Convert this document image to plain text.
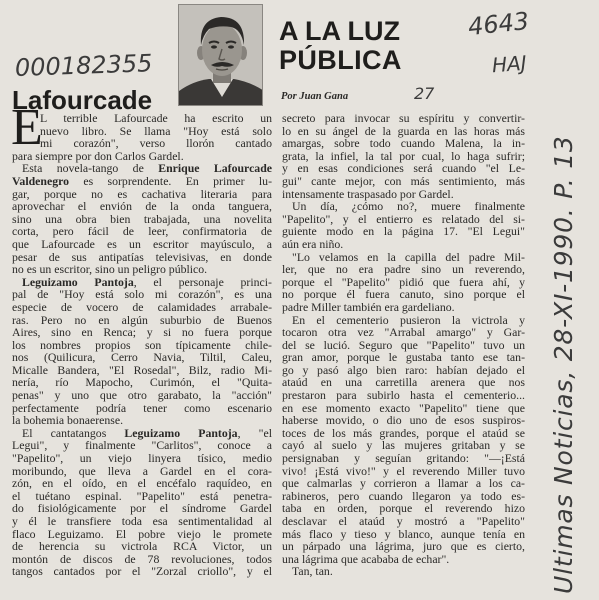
000182355
4643
HAJ
27
Ultimas Noticias, 28-XI-1990. P. 13
A LA LUZ
PÚBLICA
Lafourcade	Por Juan Gana
E
L terrible Lafourcade ha escrito un
nuevo libro. Se llama "Hoy está solo
mi corazón", verso llorón cantado
para siempre por don Carlos Gardel.
Esta novela-tango de Enrique Lafourcade
Valdenegro es sorprendente. En primer lu-
gar, porque no es cachativa literaria para
aprovechar el envión de la onda tanguera,
sino una obra bien trabajada, una novelita
corta, pero fácil de leer, confirmatoria de
que Lafourcade es un escritor mayúsculo, a
pesar de sus antipatías televisivas, en donde
no es un escritor, sino un peligro público.
Leguizamo Pantoja, el personaje princi-
pal de "Hoy está solo mi corazón", es una
especie de vocero de calamidades arrabale-
ras. Pero no en algún suburbio de Buenos
Aires, sino en Renca; y si no fuera porque
los nombres propios son típicamente chile-
nos (Quilicura, Cerro Navia, Tiltil, Caleu,
Micalle Bandera, "El Rosedal", Bilz, radio Mi-
nería, río Mapocho, Curimón, el "Quita-
penas" y uno que otro garabato, la "acción"
perfectamente podría tener como escenario
la bohemia bonaerense.
El cantatangos Leguizamo Pantoja, "el
Legui", y finalmente "Carlitos", conoce a
"Papelito", un viejo linyera tísico, medio
moribundo, que lleva a Gardel en el cora-
zón, en el oído, en el encéfalo raquídeo, en
el tuétano espinal. "Papelito" está penetra-
do fisiológicamente por el síndrome Gardel
y él le transfiere toda esa sentimentalidad al
flaco Leguizamo. El pobre viejo le promete
de herencia su victrola RCA Victor, un
montón de discos de 78 revoluciones, todos
tangos cantados por el "Zorzal criollo", y el
secreto para invocar su espíritu y convertir-
lo en su ángel de la guarda en las horas más
amargas, sobre todo cuando Malena, la in-
grata, la infiel, la tal por cual, lo haga sufrir;
y en esas condiciones será cuando "el Le-
gui" cante mejor, con más sentimiento, más
intensamente traspasado por Gardel.
Un día, ¿cómo no?, muere finalmente
"Papelito", y el entierro es relatado del si-
guiente modo en la página 17. "El Legui"
aún era niño.
"Lo velamos en la capilla del padre Mil-
ler, que no era padre sino un reverendo,
porque el "Papelito" pidió que fuera ahí, y
no porque él fuera canuto, sino porque el
padre Miller también era gardeliano.
En el cementerio pusieron la victrola y
tocaron otra vez "Arrabal amargo" y Gar-
del se lució. Seguro que "Papelito" tuvo un
gran amor, porque le gustaba tanto ese tan-
go y pasó algo bien raro: habían dejado el
ataúd en una carretilla arenera que nos
prestaron para subirlo hasta el cementerio...
en ese momento exacto "Papelito" tiene que
haberse movido, o dio uno de esos suspiros-
toces de los más grandes, porque el ataúd se
cayó al suelo y las mujeres gritaban y se
persignaban y seguían gritando: "—¡Está
vivo! ¡Está vivo!" y el reverendo Miller tuvo
que calmarlas y corrieron a llamar a los ca-
rabineros, pero cuando llegaron ya todo es-
taba en orden, porque el reverendo hizo
desclavar el ataúd y mostró a "Papelito"
más flaco y tieso y blanco, aunque tenía en
un párpado una lágrima, juro que es cierto,
una lágrima que acababa de echar".
Tan, tan.
